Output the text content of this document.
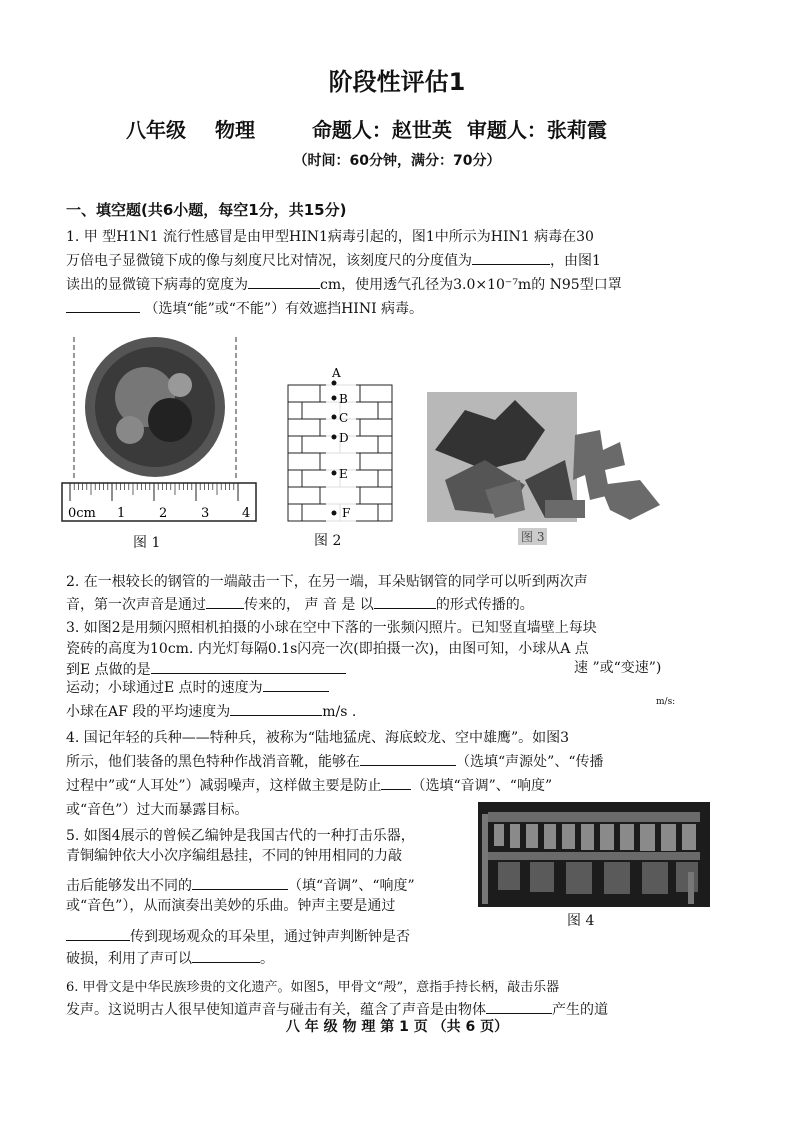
阶段性评估1
八年级 物理	命题人：赵世英 审题人：张莉霞
（时间：60分钟，满分：70分）
一、填空题(共6小题，每空1分，共15分)
1. 甲 型H1N1 流行性感冒是由甲型HIN1病毒引起的，图1中所示为HIN1 病毒在30
万倍电子显微镜下成的像与刻度尺比对情况，该刻度尺的分度值为	，由图1
读出的显微镜下病毒的宽度为	cm，使用透气孔径为3.0×10⁻⁷m的 N95型口罩
（选填“能”或“不能”）有效遮挡HINI 病毒。
0cm 1	2	3	4
图 1
A
B
C
D
E
F
图 2	图 3
2. 在一根较长的钢管的一端敲击一下，在另一端，耳朵贴钢管的同学可以听到两次声
音，第一次声音是通过	传来的， 声 音 是 以	的形式传播的。
3. 如图2是用频闪照相机拍摄的小球在空中下落的一张频闪照片。已知竖直墙壁上每块
瓷砖的高度为10cm. 内光灯每隔0.1s闪亮一次(即拍摄一次)，由图可知，小球从A 点
到E 点做的是	速 ”或“变速”)
运动；小球通过E 点时的速度为
m/s:
小球在AF 段的平均速度为	m/s .
4. 国记年轻的兵种——特种兵，被称为“陆地猛虎、海底蛟龙、空中雄鹰”。如图3
所示，他们装备的黑色特种作战消音靴，能够在	（选填“声源处”、“传播
过程中”或“人耳处”）减弱噪声，这样做主要是防止 （选填“音调”、“响度”
或“音色”）过大而暴露目标。
图 4
5. 如图4展示的曾候乙编钟是我国古代的一种打击乐器，
青铜编钟依大小次序编组悬挂，不同的钟用相同的力敲
击后能够发出不同的	（填“音调”、“响度”
或“音色”），从而演奏出美妙的乐曲。钟声主要是通过
传到现场观众的耳朵里，通过钟声判断钟是否
破损，利用了声可以	。
6. 甲骨文是中华民族珍贵的文化遗产。如图5，甲骨文“殸”，意指手持长柄，敲击乐器
发声。这说明古人很早使知道声音与碰击有关，蕴含了声音是由物体	产生的道
八 年 级 物 理 第 1 页 （共 6 页）
